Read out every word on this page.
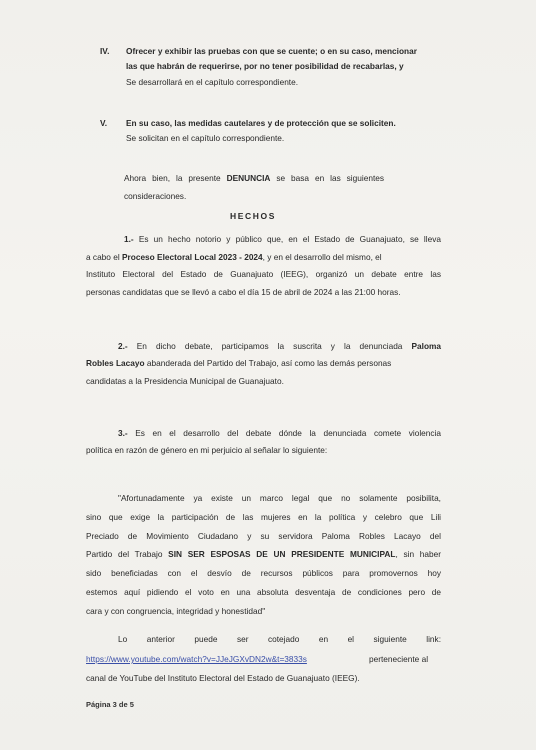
IV. Ofrecer y exhibir las pruebas con que se cuente; o en su caso, mencionar
las que habrán de requerirse, por no tener posibilidad de recabarlas, y
Se desarrollará en el capítulo correspondiente.
V. En su caso, las medidas cautelares y de protección que se soliciten.
Se solicitan en el capítulo correspondiente.
Ahora bien, la presente DENUNCIA se basa en las siguientes
consideraciones.
HECHOS
1.- Es un hecho notorio y público que, en el Estado de Guanajuato, se lleva
a cabo el Proceso Electoral Local 2023 - 2024, y en el desarrollo del mismo, el
Instituto Electoral del Estado de Guanajuato (IEEG), organizó un debate entre las
personas candidatas que se llevó a cabo el día 15 de abril de 2024 a las 21:00 horas.
2.- En dicho debate, participamos la suscrita y la denunciada Paloma
Robles Lacayo abanderada del Partido del Trabajo, así como las demás personas
candidatas a la Presidencia Municipal de Guanajuato.
3.- Es en el desarrollo del debate dónde la denunciada comete violencia
política en razón de género en mi perjuicio al señalar lo siguiente:
"Afortunadamente ya existe un marco legal que no solamente posibilita,
sino que exige la participación de las mujeres en la política y celebro que Lili
Preciado de Movimiento Ciudadano y su servidora Paloma Robles Lacayo del
Partido del Trabajo SIN SER ESPOSAS DE UN PRESIDENTE MUNICIPAL, sin haber
sido beneficiadas con el desvío de recursos públicos para promovernos hoy
estemos aquí pidiendo el voto en una absoluta desventaja de condiciones pero de
cara y con congruencia, integridad y honestidad"
Lo anterior puede ser cotejado en el siguiente link:
https://www.youtube.com/watch?v=JJeJGXvDN2w&t=3833s	perteneciente al
canal de YouTube del Instituto Electoral del Estado de Guanajuato (IEEG).
Página 3 de 5
